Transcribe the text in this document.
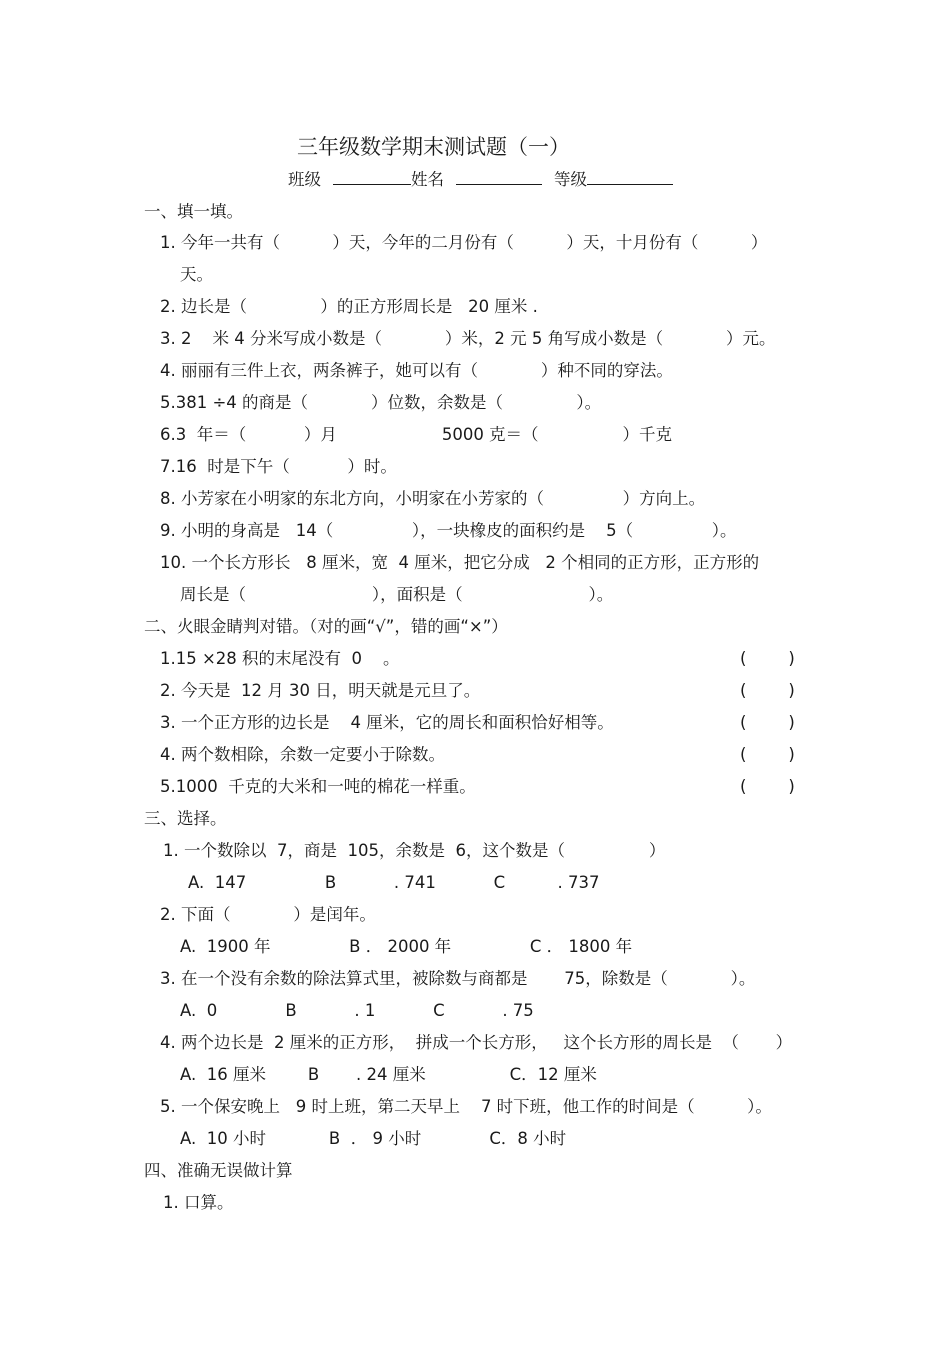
三年级数学期末测试题（一）
班级	姓名	等级
一、填一填。
1. 今年一共有（          ）天，今年的二月份有（          ）天，十月份有（          ）
天。
2. 边长是（              ）的正方形周长是   20 厘米 .
3. 2    米 4 分米写成小数是（            ）米，2 元 5 角写成小数是（            ）元。
4. 丽丽有三件上衣，两条裤子，她可以有（            ）种不同的穿法。
5.381 ÷4 的商是（            ）位数，余数是（              ）。
6.3  年＝（           ）月                    5000 克＝（                ）千克
7.16  时是下午（           ）时。
8. 小芳家在小明家的东北方向，小明家在小芳家的（               ）方向上。
9. 小明的身高是   14（               ），一块橡皮的面积约是    5（               ）。
10. 一个长方形长   8 厘米，宽  4 厘米，把它分成   2 个相同的正方形，正方形的
周长是（                        ），面积是（                        ）。
二、火眼金睛判对错。（对的画“√”，错的画“×”）
1.15 ×28 积的末尾没有  0    。	(        )
2. 今天是  12 月 30 日，明天就是元旦了。	(        )
3. 一个正方形的边长是    4 厘米，它的周长和面积恰好相等。	(        )
4. 两个数相除，余数一定要小于除数。	(        )
5.1000  千克的大米和一吨的棉花一样重。	(        )
三、选择。
1. 一个数除以  7，商是  105，余数是  6，这个数是（                ）
A.  147               B           . 741           C          . 737
2. 下面（            ）是闰年。
A.  1900 年               B ． 2000 年               C ． 1800 年
3. 在一个没有余数的除法算式里，被除数与商都是       75，除数是（            ）。
A.  0             B           . 1           C           . 75
4. 两个边长是  2 厘米的正方形，  拼成一个长方形，   这个长方形的周长是  （       ）
A.  16 厘米        B       . 24 厘米                C．12 厘米
5. 一个保安晚上   9 时上班，第二天早上    7 时下班，他工作的时间是（          ）。
A.  10 小时            B  ． 9 小时             C．8 小时
四、准确无误做计算
1. 口算。
